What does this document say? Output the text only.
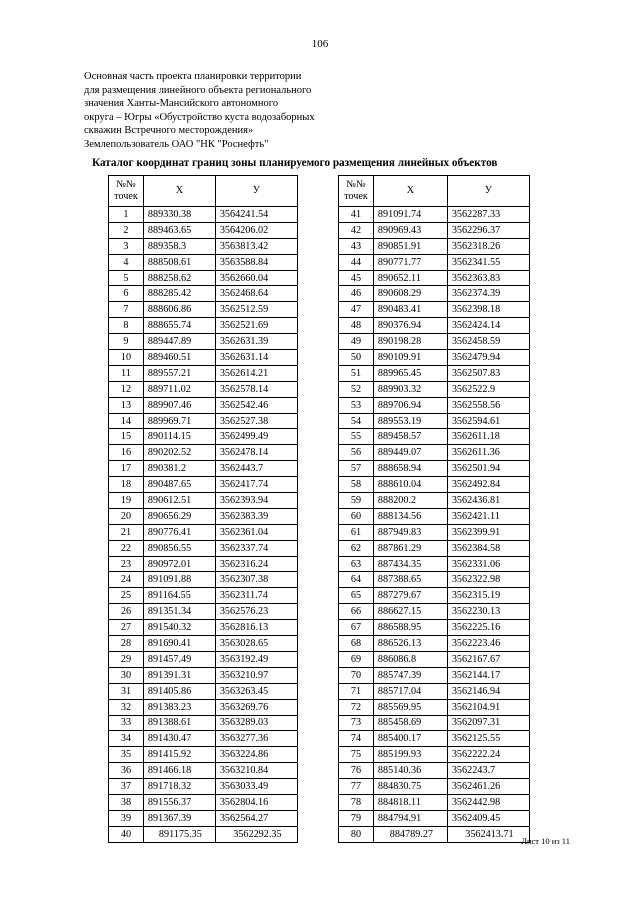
106
Основная часть проекта планировки территории
для размещения линейного объекта регионального
значения Ханты-Мансийского автономного
округа – Югры «Обустройство куста водозаборных
скважин Встречного месторождения»
Землепользователь ОАО "НК "Роснефть"
Каталог координат границ зоны планируемого размещения линейных объектов
№№ точек	X	У
1	889330.38	3564241.54
2	889463.65	3564206.02
3	889358.3	3563813.42
4	888508.61	3563588.84
5	888258.62	3562660.04
6	888285.42	3562468.64
7	888606.86	3562512.59
8	888655.74	3562521.69
9	889447.89	3562631.39
10	889460.51	3562631.14
11	889557.21	3562614.21
12	889711.02	3562578.14
13	889907.46	3562542.46
14	889969.71	3562527.38
15	890114.15	3562499.49
16	890202.52	3562478.14
17	890381.2	3562443.7
18	890487.65	3562417.74
19	890612.51	3562393.94
20	890656.29	3562383.39
21	890776.41	3562361.04
22	890856.55	3562337.74
23	890972.01	3562316.24
24	891091.88	3562307.38
25	891164.55	3562311.74
26	891351.34	3562576.23
27	891540.32	3562816.13
28	891690.41	3563028.65
29	891457.49	3563192.49
30	891391.31	3563210.97
31	891405.86	3563263.45
32	891383.23	3563269.76
33	891388.61	3563289.03
34	891430.47	3563277.36
35	891415.92	3563224.86
36	891466.18	3563210.84
37	891718.32	3563033.49
38	891556.37	3562804.16
39	891367.39	3562564.27
40	891175.35	3562292.35
№№ точек	X	У
41	891091.74	3562287.33
42	890969.43	3562296.37
43	890851.91	3562318.26
44	890771.77	3562341.55
45	890652.11	3562363.83
46	890608.29	3562374.39
47	890483.41	3562398.18
48	890376.94	3562424.14
49	890198.28	3562458.59
50	890109.91	3562479.94
51	889965.45	3562507.83
52	889903.32	3562522.9
53	889706.94	3562558.56
54	889553.19	3562594.61
55	889458.57	3562611.18
56	889449.07	3562611.36
57	888658.94	3562501.94
58	888610.04	3562492.84
59	888200.2	3562436.81
60	888134.56	3562421.11
61	887949.83	3562399.91
62	887861.29	3562384.58
63	887434.35	3562331.06
64	887388.65	3562322.98
65	887279.67	3562315.19
66	886627.15	3562230.13
67	886588.95	3562225.16
68	886526.13	3562223.46
69	886086.8	3562167.67
70	885747.39	3562144.17
71	885717.04	3562146.94
72	885569.95	3562104.91
73	885458.69	3562097.31
74	885400.17	3562125.55
75	885199.93	3562222.24
76	885140.36	3562243.7
77	884830.75	3562461.26
78	884818.11	3562442.98
79	884794.91	3562409.45
80	884789.27	3562413.71
Лист 10 из 11
